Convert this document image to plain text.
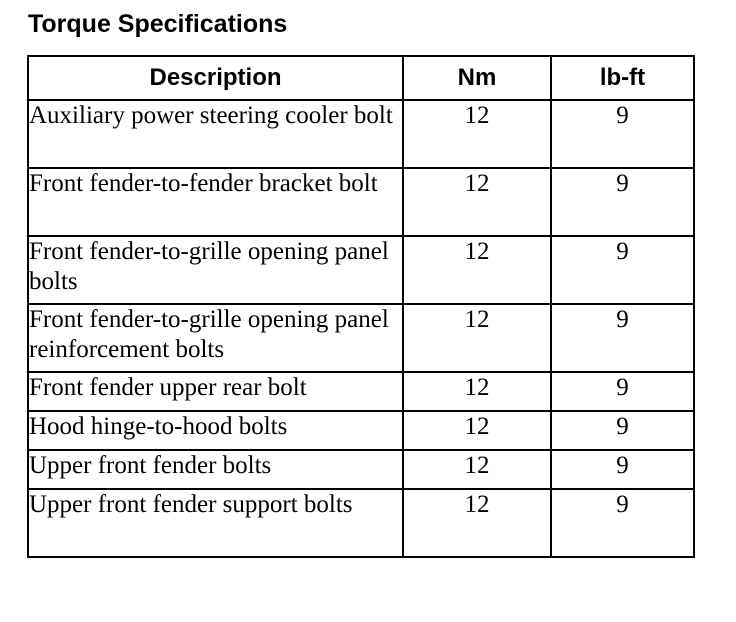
Torque Specifications
Description	Nm	lb-ft
Auxiliary power steering cooler bolt	12	9
Front fender-to-fender bracket bolt	12	9
Front fender-to-grille opening panel bolts	12	9
Front fender-to-grille opening panel reinforcement bolts	12	9
Front fender upper rear bolt	12	9
Hood hinge-to-hood bolts	12	9
Upper front fender bolts	12	9
Upper front fender support bolts	12	9
